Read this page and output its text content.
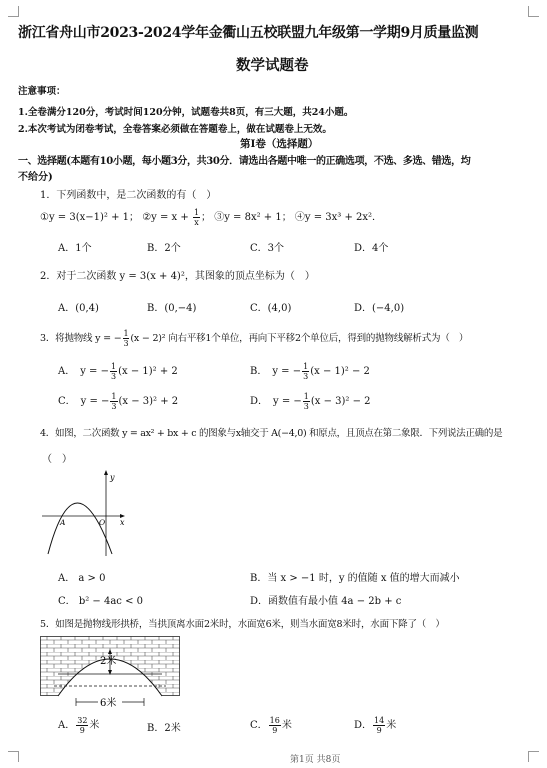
浙江省舟山市2023-2024学年金衢山五校联盟九年级第一学期9月质量监测
数学试题卷
注意事项：
1.全卷满分120分，考试时间120分钟，试题卷共8页，有三大题，共24小题。
2.本次考试为闭卷考试，全卷答案必须做在答题卷上，做在试题卷上无效。
第Ⅰ卷（选择题）
一、选择题(本题有10小题，每小题3分，共30分．请选出各题中唯一的正确选项，不选、多选、错选，均
不给分)
1．下列函数中，是二次函数的有（　）
①y = 3(x−1)² + 1； ②y = $x + \frac{1}{x}$ ； ③y = 8x² + 1； ④y = 3x³ + 2x²．
A．1个	B．2个	C．3个	D．4个
2．对于二次函数 y = 3(x + 4)²，其图象的顶点坐标为（　）
A．(0,4)	B．(0,−4)	C．(4,0)	D．(−4,0)
3．将抛物线 y = − $\frac{1}{3} (x - 2)^2$ 向右平移1个单位，再向下平移2个单位后，得到的抛物线解析式为（　）
A．　y = − $\frac{1}{3} (x - 1)^2 + 2$	B．　y = − $\frac{1}{3} (x - 1)^2 - 2$
C．　y = − $\frac{1}{3} (x - 3)^2 + 2$	D．　y = − $\frac{1}{3} (x - 3)^2 - 2$
4．如图，二次函数 y = ax² + bx + c 的图象与x轴交于 A(−4,0) 和原点，且顶点在第二象限．下列说法正确的是
（　）
y
x
A	O
A． a > 0	B．当 x > −1 时，y 的值随 x 值的增大而减小
C． b² − 4ac < 0	D．函数值有最小值 4a − 2b + c
5．如图是抛物线形拱桥，当拱顶离水面2米时，水面宽6米，则当水面宽8米时，水面下降了（　）
2米
6米
A． $\frac{32}{9}$ 米	B．2米	C． $\frac{16}{9}$ 米	D． $\frac{14}{9}$ 米
第1页 共8页
